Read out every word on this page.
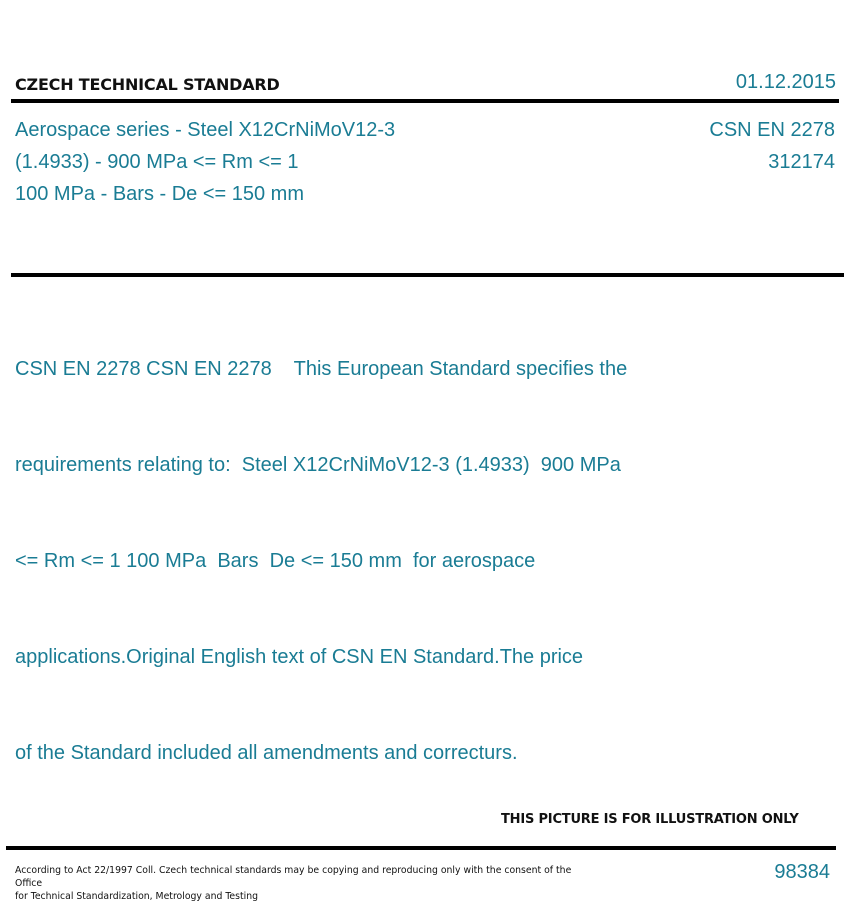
CZECH TECHNICAL STANDARD	01.12.2015
Aerospace series - Steel X12CrNiMoV12-3
(1.4933) - 900 MPa <= Rm <= 1
100 MPa - Bars - De <= 150 mm
CSN EN 2278
312174

CSN EN 2278 CSN EN 2278    This European Standard specifies the

requirements relating to:  Steel X12CrNiMoV12-3 (1.4933)  900 MPa

<= Rm <= 1 100 MPa  Bars  De <= 150 mm  for aerospace

applications.Original English text of CSN EN Standard.The price

of the Standard included all amendments and correcturs.

THIS PICTURE IS FOR ILLUSTRATION ONLY
According to Act 22/1997 Coll. Czech technical standards may be copying and reproducing only with the consent of the Office
for Technical Standardization, Metrology and Testing
98384
